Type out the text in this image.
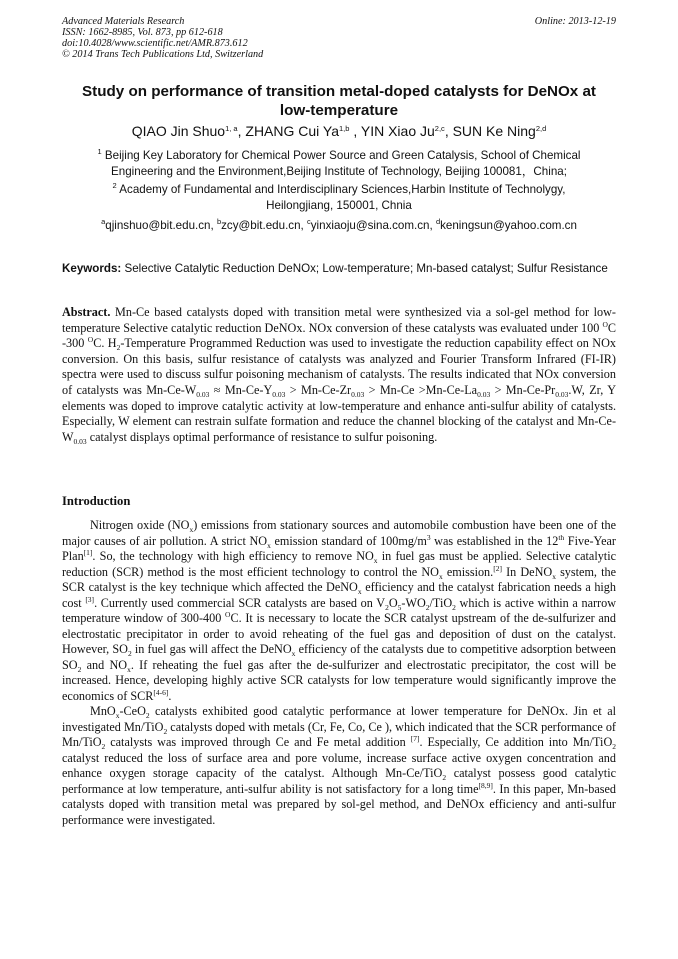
Advanced Materials Research	Online: 2013-12-19
ISSN: 1662-8985, Vol. 873, pp 612-618
doi:10.4028/www.scientific.net/AMR.873.612
© 2014 Trans Tech Publications Ltd, Switzerland
Study on performance of transition metal-doped catalysts for DeNOx at
low-temperature
QIAO Jin Shuo$^{1, a}$, ZHANG Cui Ya$^{1,b}$ , YIN Xiao Ju$^{2,c}$, SUN Ke Ning$^{2,d}$
$^1$ Beijing Key Laboratory for Chemical Power Source and Green Catalysis, School of Chemical
Engineering and the Environment,Beijing Institute of Technology, Beijing 100081，China;
$^2$ Academy of Fundamental and Interdisciplinary Sciences,Harbin Institute of Technolygy,
Heilongjiang, 150001, Chnia
$^a$qjinshuo@bit.edu.cn, $^b$zcy@bit.edu.cn, $^c$yinxiaoju@sina.com.cn, $^d$keningsun@yahoo.com.cn
Keywords: Selective Catalytic Reduction DeNOx; Low-temperature; Mn-based catalyst; Sulfur Resistance
Abstract. Mn-Ce based catalysts doped with transition metal were synthesized via a sol-gel method for low-temperature Selective catalytic reduction DeNOx. NOx conversion of these catalysts was evaluated under 100 $^O$C -300 $^O$C. $H_2$-Temperature Programmed Reduction was used to investigate the reduction capability effect on NOx conversion. On this basis, sulfur resistance of catalysts was analyzed and Fourier Transform Infrared (FI-IR) spectra were used to discuss sulfur poisoning mechanism of catalysts. The results indicated that NOx conversion of catalysts was $Mn-Ce-W_{0.03} \approx Mn-Ce-Y_{0.03} > Mn-Ce-Zr_{0.03} > Mn-Ce >Mn-Ce-La_{0.03} > Mn-Ce-Pr_{0.03}.W$, Zr, Y elements was doped to improve catalytic activity at low-temperature and enhance anti-sulfur ability of catalysts. Especially, W element can restrain sulfate formation and reduce the channel blocking of the catalyst and $Mn-Ce-W_{0.03}$ catalyst displays optimal performance of resistance to sulfur poisoning.
Introduction

Nitrogen oxide $(NO_x)$ emissions from stationary sources and automobile combustion have been one of the major causes of air pollution. A strict $NO_x$ emission standard of $100mg/m^3$ was established in the 12th Five-Year Plan[1]. So, the technology with high efficiency to remove $NO_x$ in fuel gas must be applied. Selective catalytic reduction (SCR) method is the most efficient technology to control the $NO_x$ emission.[2] In DeNO$_x$ system, the SCR catalyst is the key technique which affected the DeNO$_x$ efficiency and the catalyst fabrication needs a high cost [3]. Currently used commercial SCR catalysts are based on $V_2O_5-WO_2/TiO_2$ which is active within a narrow temperature window of 300-400 $^O$C. It is necessary to locate the SCR catalyst upstream of the de-sulfurizer and electrostatic precipitator in order to avoid reheating of the fuel gas and deposition of dust on the catalyst. However, $SO_2$ in fuel gas will affect the DeNO$_x$ efficiency of the catalysts due to competitive adsorption between $SO_2$ and $NO_x$. If reheating the fuel gas after the de-sulfurizer and electrostatic precipitator, the cost will be increased. Hence, developing highly active SCR catalysts for low temperature would significantly improve the economics of SCR[4-6].

MnO$_x$-CeO$_2$ catalysts exhibited good catalytic performance at lower temperature for DeNOx. Jin et al investigated Mn/TiO$_2$ catalysts doped with metals (Cr, Fe, Co, Ce ), which indicated that the SCR performance of Mn/TiO$_2$ catalysts was improved through Ce and Fe metal addition [7]. Especially, Ce addition into Mn/TiO$_2$ catalyst reduced the loss of surface area and pore volume, increase surface active oxygen concentration and enhance oxygen storage capacity of the catalyst. Although Mn-Ce/TiO$_2$ catalyst possess good catalytic performance at low temperature, anti-sulfur ability is not satisfactory for a long time[8,9]. In this paper, Mn-based catalysts doped with transition metal was prepared by sol-gel method, and DeNOx efficiency and anti-sulfur performance were investigated.
